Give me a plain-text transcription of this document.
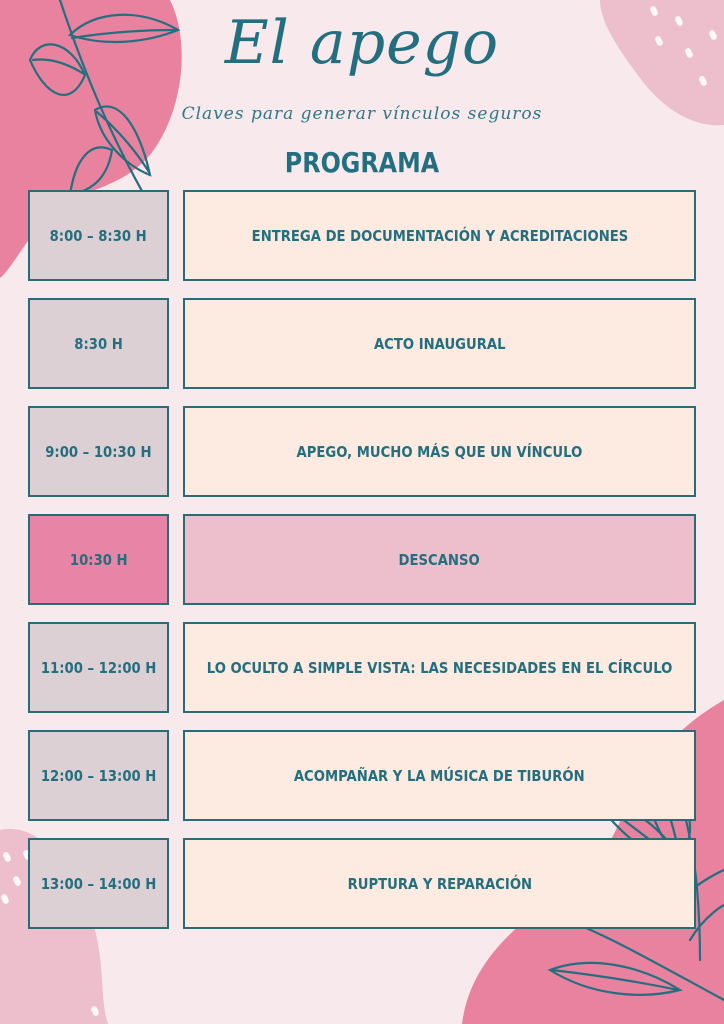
El apego
Claves para generar vínculos seguros
PROGRAMA
8:00 – 8:30 H	ENTREGA DE DOCUMENTACIÓN Y ACREDITACIONES
8:30 H	ACTO INAUGURAL
9:00 – 10:30 H	APEGO, MUCHO MÁS QUE UN VÍNCULO
10:30 H	DESCANSO
11:00 – 12:00 H	LO OCULTO A SIMPLE VISTA: LAS NECESIDADES EN EL CÍRCULO
12:00 – 13:00 H	ACOMPAÑAR Y LA MÚSICA DE TIBURÓN
13:00 – 14:00 H	RUPTURA Y REPARACIÓN
